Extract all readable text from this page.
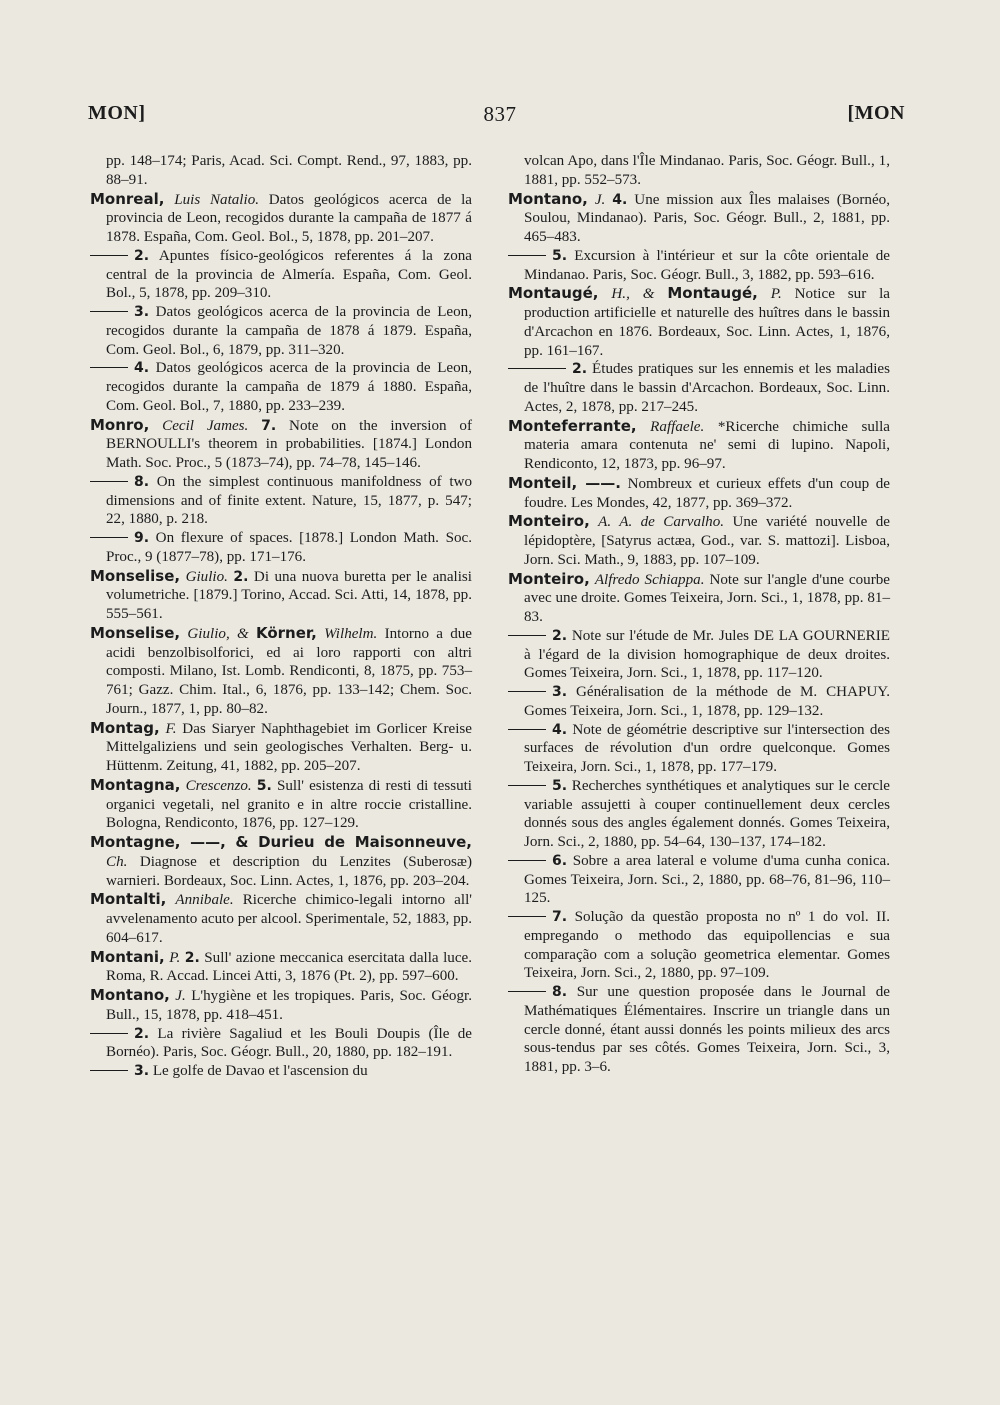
MON]	837	[MON

pp. 148–174; Paris, Acad. Sci. Compt. Rend., 97, 1883, pp. 88–91.

Monreal, Luis Natalio. Datos geológicos acerca de la provincia de Leon, recogidos durante la campaña de 1877 á 1878. España, Com. Geol. Bol., 5, 1878, pp. 201–207.

2. Apuntes físico-geológicos referentes á la zona central de la provincia de Almería. España, Com. Geol. Bol., 5, 1878, pp. 209–310.

3. Datos geológicos acerca de la provincia de Leon, recogidos durante la campaña de 1878 á 1879. España, Com. Geol. Bol., 6, 1879, pp. 311–320.

4. Datos geológicos acerca de la provincia de Leon, recogidos durante la campaña de 1879 á 1880. España, Com. Geol. Bol., 7, 1880, pp. 233–239.

Monro, Cecil James. 7. Note on the inversion of BERNOULLI's theorem in probabilities. [1874.] London Math. Soc. Proc., 5 (1873–74), pp. 74–78, 145–146.

8. On the simplest continuous manifoldness of two dimensions and of finite extent. Nature, 15, 1877, p. 547; 22, 1880, p. 218.

9. On flexure of spaces. [1878.] London Math. Soc. Proc., 9 (1877–78), pp. 171–176.

Monselise, Giulio. 2. Di una nuova buretta per le analisi volumetriche. [1879.] Torino, Accad. Sci. Atti, 14, 1878, pp. 555–561.

Monselise, Giulio, & Körner, Wilhelm. Intorno a due acidi benzolbisolforici, ed ai loro rapporti con altri composti. Milano, Ist. Lomb. Rendiconti, 8, 1875, pp. 753–761; Gazz. Chim. Ital., 6, 1876, pp. 133–142; Chem. Soc. Journ., 1877, 1, pp. 80–82.

Montag, F. Das Siaryer Naphthagebiet im Gorlicer Kreise Mittelgaliziens und sein geologisches Verhalten. Berg- u. Hüttenm. Zeitung, 41, 1882, pp. 205–207.

Montagna, Crescenzo. 5. Sull' esistenza di resti di tessuti organici vegetali, nel granito e in altre roccie cristalline. Bologna, Rendiconto, 1876, pp. 127–129.

Montagne, ——, & Durieu de Maisonneuve, Ch. Diagnose et description du Lenzites (Suberosæ) warnieri. Bordeaux, Soc. Linn. Actes, 1, 1876, pp. 203–204.

Montalti, Annibale. Ricerche chimico-legali intorno all' avvelenamento acuto per alcool. Sperimentale, 52, 1883, pp. 604–617.

Montani, P. 2. Sull' azione meccanica esercitata dalla luce. Roma, R. Accad. Lincei Atti, 3, 1876 (Pt. 2), pp. 597–600.

Montano, J. L'hygiène et les tropiques. Paris, Soc. Géogr. Bull., 15, 1878, pp. 418–451.

2. La rivière Sagaliud et les Bouli Doupis (Île de Bornéo). Paris, Soc. Géogr. Bull., 20, 1880, pp. 182–191.

3. Le golfe de Davao et l'ascension du

volcan Apo, dans l'Île Mindanao. Paris, Soc. Géogr. Bull., 1, 1881, pp. 552–573.

Montano, J. 4. Une mission aux Îles malaises (Bornéo, Soulou, Mindanao). Paris, Soc. Géogr. Bull., 2, 1881, pp. 465–483.

5. Excursion à l'intérieur et sur la côte orientale de Mindanao. Paris, Soc. Géogr. Bull., 3, 1882, pp. 593–616.

Montaugé, H., & Montaugé, P. Notice sur la production artificielle et naturelle des huîtres dans le bassin d'Arcachon en 1876. Bordeaux, Soc. Linn. Actes, 1, 1876, pp. 161–167.

2. Études pratiques sur les ennemis et les maladies de l'huître dans le bassin d'Arcachon. Bordeaux, Soc. Linn. Actes, 2, 1878, pp. 217–245.

Monteferrante, Raffaele. *Ricerche chimiche sulla materia amara contenuta ne' semi di lupino. Napoli, Rendiconto, 12, 1873, pp. 96–97.

Monteil, ——. Nombreux et curieux effets d'un coup de foudre. Les Mondes, 42, 1877, pp. 369–372.

Monteiro, A. A. de Carvalho. Une variété nouvelle de lépidoptère, [Satyrus actæa, God., var. S. mattozi]. Lisboa, Jorn. Sci. Math., 9, 1883, pp. 107–109.

Monteiro, Alfredo Schiappa. Note sur l'angle d'une courbe avec une droite. Gomes Teixeira, Jorn. Sci., 1, 1878, pp. 81–83.

2. Note sur l'étude de Mr. Jules DE LA GOURNERIE à l'égard de la division homographique de deux droites. Gomes Teixeira, Jorn. Sci., 1, 1878, pp. 117–120.

3. Généralisation de la méthode de M. CHAPUY. Gomes Teixeira, Jorn. Sci., 1, 1878, pp. 129–132.

4. Note de géométrie descriptive sur l'intersection des surfaces de révolution d'un ordre quelconque. Gomes Teixeira, Jorn. Sci., 1, 1878, pp. 177–179.

5. Recherches synthétiques et analytiques sur le cercle variable assujetti à couper continuellement deux cercles donnés sous des angles également donnés. Gomes Teixeira, Jorn. Sci., 2, 1880, pp. 54–64, 130–137, 174–182.

6. Sobre a area lateral e volume d'uma cunha conica. Gomes Teixeira, Jorn. Sci., 2, 1880, pp. 68–76, 81–96, 110–125.

7. Solução da questão proposta no nº 1 do vol. II. empregando o methodo das equipollencias e sua comparação com a solução geometrica elementar. Gomes Teixeira, Jorn. Sci., 2, 1880, pp. 97–109.

8. Sur une question proposée dans le Journal de Mathématiques Élémentaires. Inscrire un triangle dans un cercle donné, étant aussi donnés les points milieux des arcs sous-tendus par ses côtés. Gomes Teixeira, Jorn. Sci., 3, 1881, pp. 3–6.
